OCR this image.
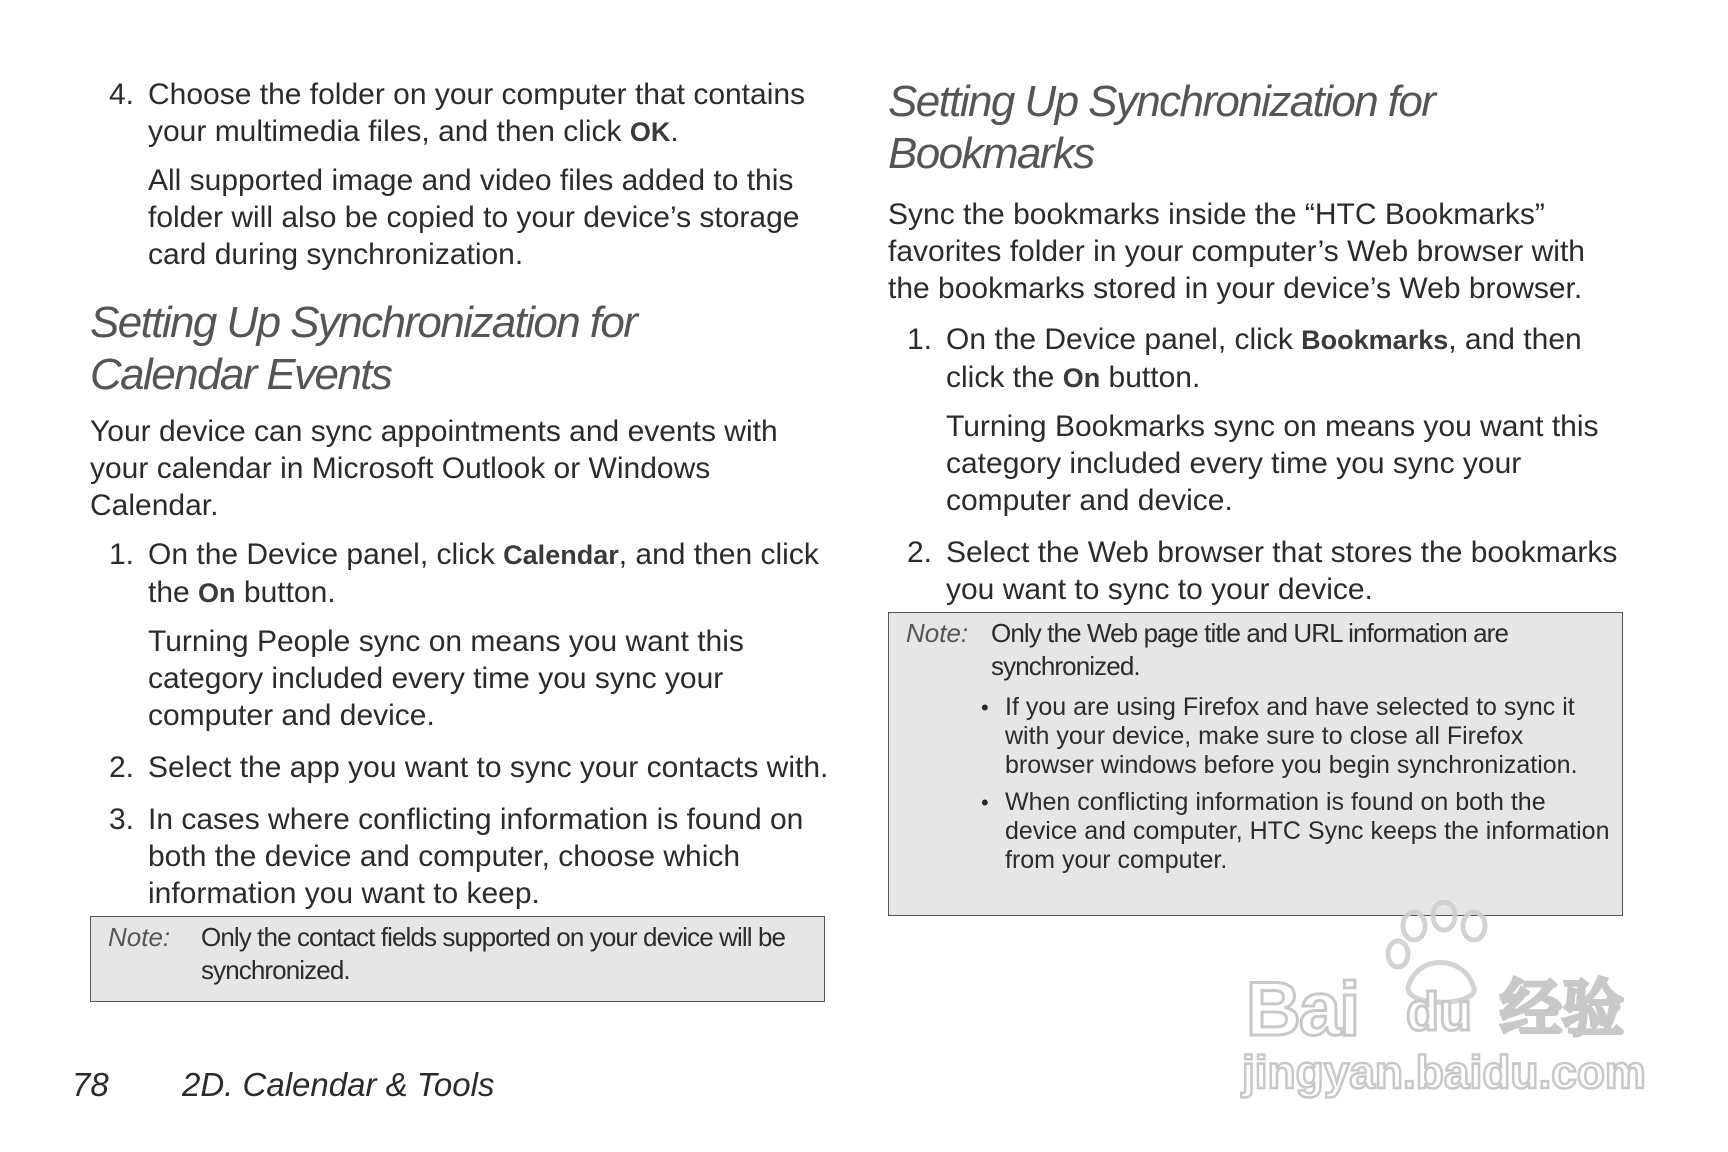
4. Choose the folder on your computer that contains your multimedia files, and then click OK.

All supported image and video files added to this folder will also be copied to your device’s storage card during synchronization.

Setting Up Synchronization for Calendar Events

Your device can sync appointments and events with your calendar in Microsoft Outlook or Windows Calendar.

1. On the Device panel, click Calendar, and then click the On button.

Turning People sync on means you want this category included every time you sync your computer and device.

2. Select the app you want to sync your contacts with.

3. In cases where conflicting information is found on both the device and computer, choose which information you want to keep.

Note: Only the contact fields supported on your device will be synchronized.
Setting Up Synchronization for Bookmarks

Sync the bookmarks inside the “HTC Bookmarks” favorites folder in your computer’s Web browser with the bookmarks stored in your device’s Web browser.

1. On the Device panel, click Bookmarks, and then click the On button.

Turning Bookmarks sync on means you want this category included every time you sync your computer and device.

2. Select the Web browser that stores the bookmarks you want to sync to your device.

Note: Only the Web page title and URL information are synchronized.
• If you are using Firefox and have selected to sync it with your device, make sure to close all Firefox browser windows before you begin synchronization.
• When conflicting information is found on both the device and computer, HTC Sync keeps the information from your computer.
78 2D. Calendar & Tools
Bai du 经验
jingyan.baidu.com
